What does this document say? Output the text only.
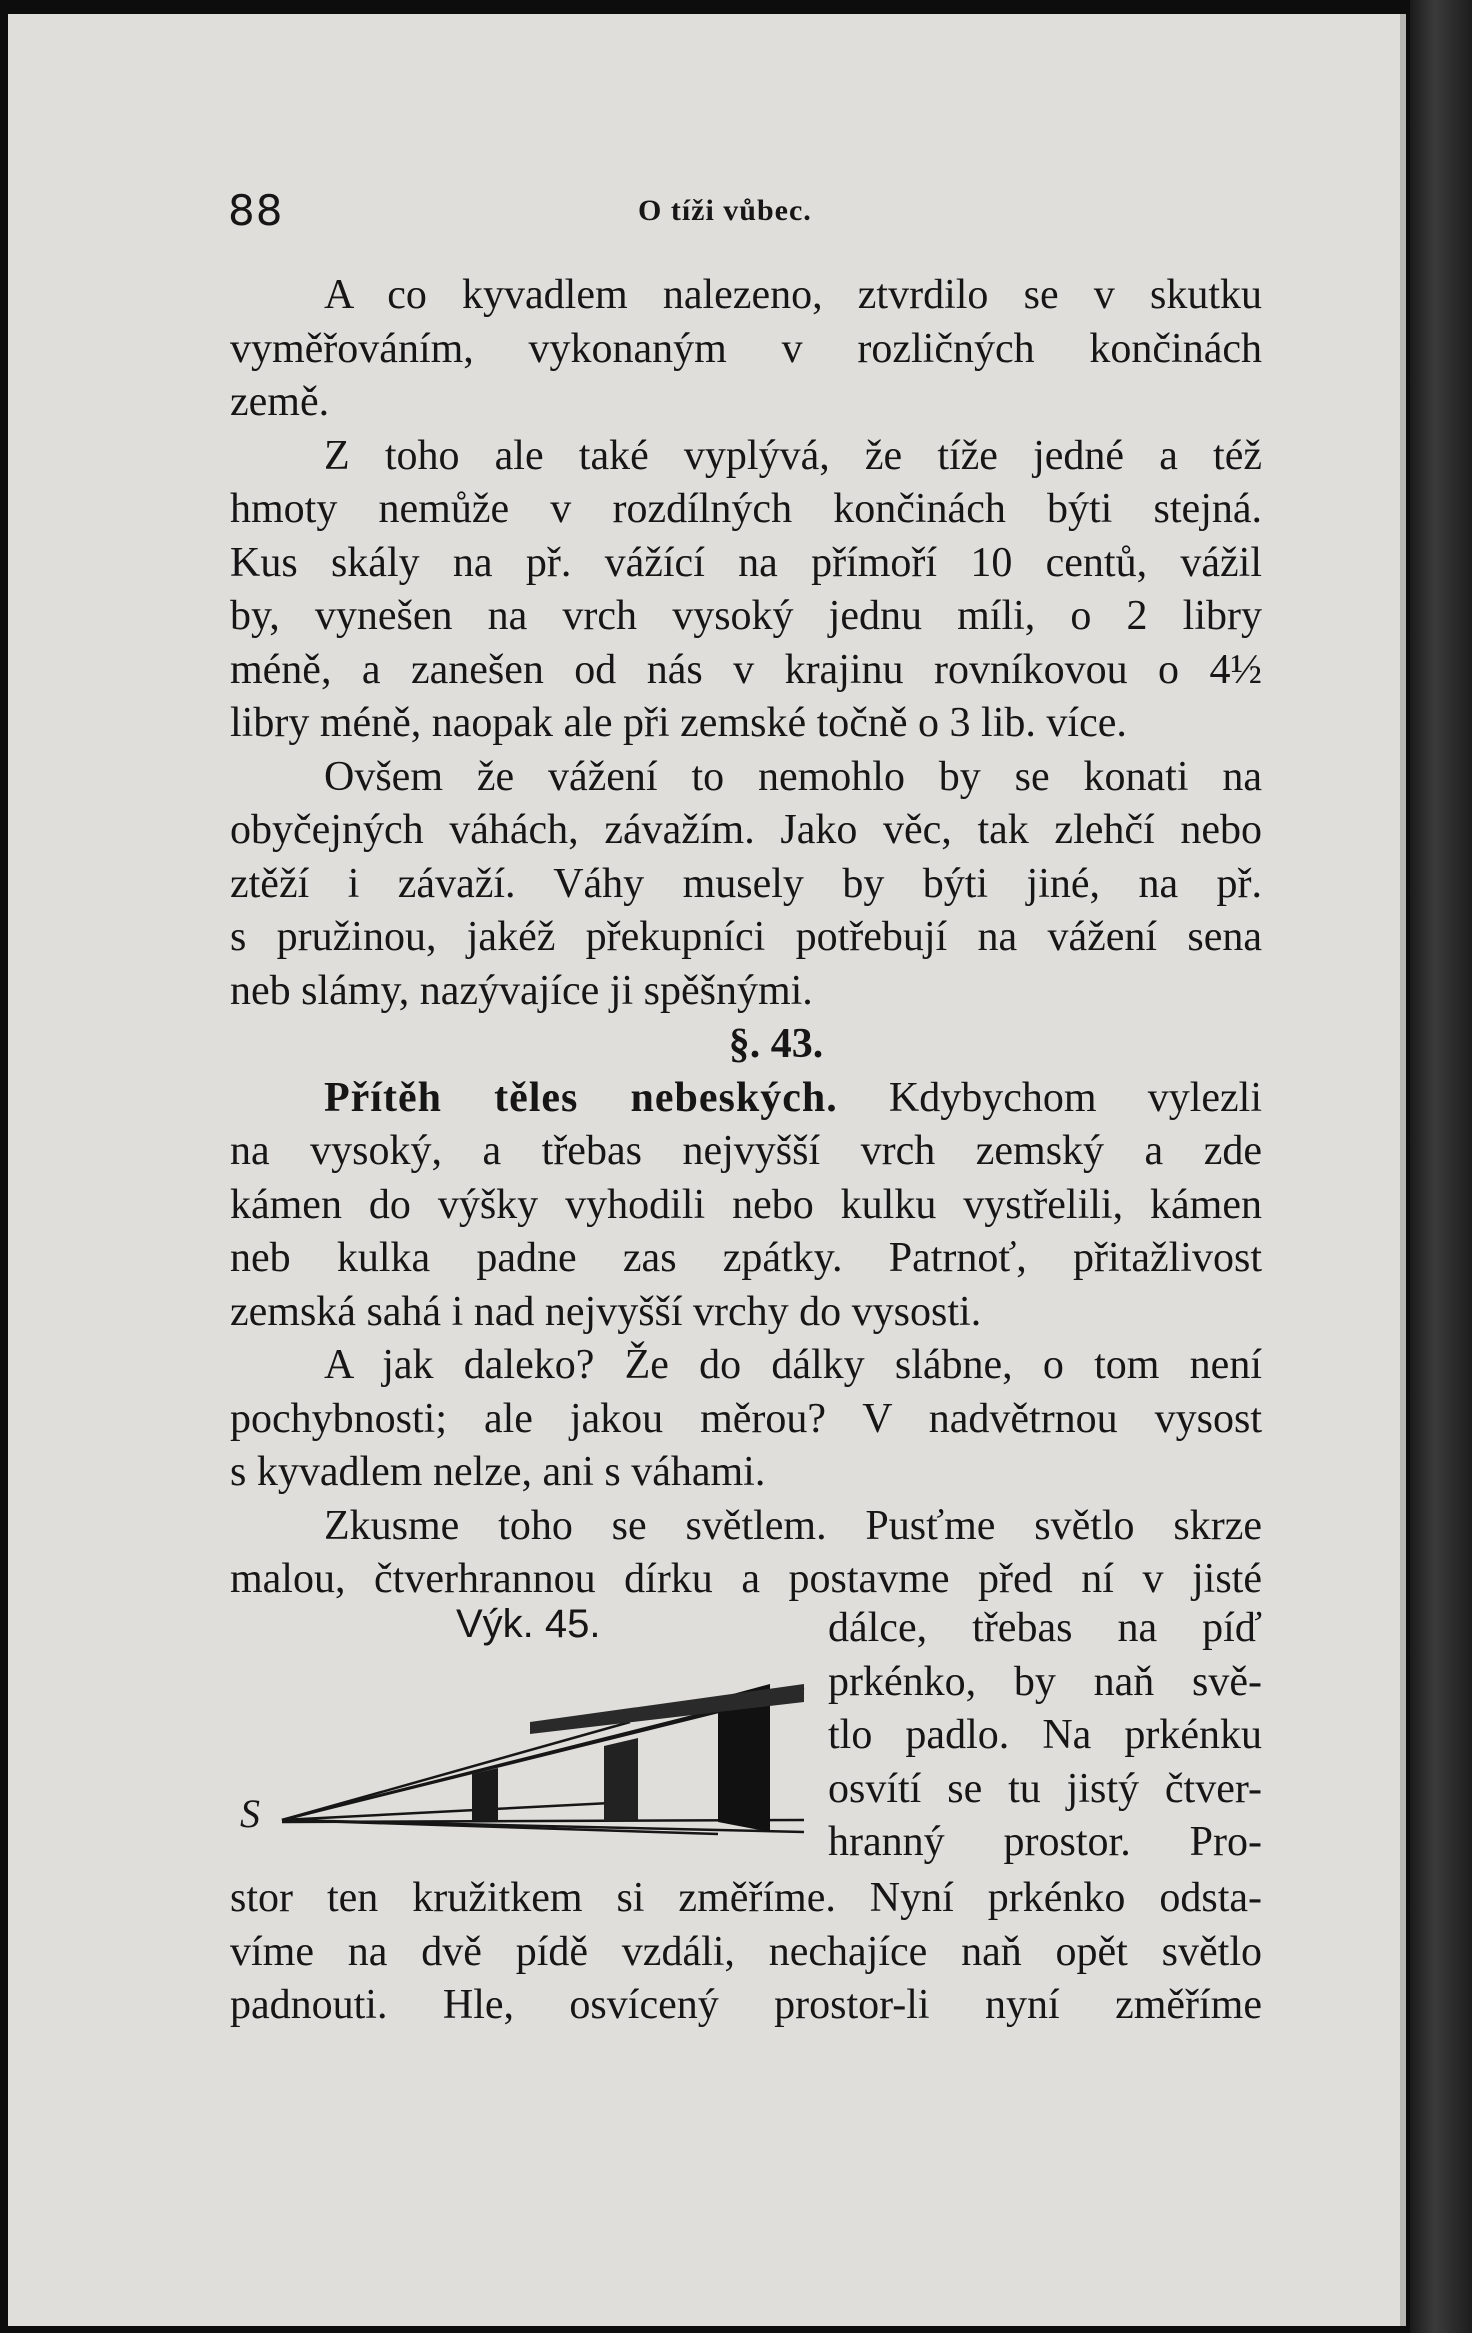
88	O tíži vůbec.
A co kyvadlem nalezeno, ztvrdilo se v skutku
vyměřováním, vykonaným v rozličných končinách
země.
Z toho ale také vyplývá, že tíže jedné a též
hmoty nemůže v rozdílných končinách býti stejná.
Kus skály na př. vážící na přímoří 10 centů, vážil
by, vynešen na vrch vysoký jednu míli, o 2 libry
méně, a zanešen od nás v krajinu rovníkovou o 4½
libry méně, naopak ale při zemské točně o 3 lib. více.
Ovšem že vážení to nemohlo by se konati na
obyčejných váhách, závažím. Jako věc, tak zlehčí nebo
ztěží i závaží. Váhy musely by býti jiné, na př.
s pružinou, jakéž překupníci potřebují na vážení sena
neb slámy, nazývajíce ji spěšnými.
§. 43.
Přítěh těles nebeských. Kdybychom vylezli
na vysoký, a třebas nejvyšší vrch zemský a zde
kámen do výšky vyhodili nebo kulku vystřelili, kámen
neb kulka padne zas zpátky. Patrnoť, přitažlivost
zemská sahá i nad nejvyšší vrchy do vysosti.
A jak daleko? Že do dálky slábne, o tom není
pochybnosti; ale jakou měrou? V nadvětrnou vysost
s kyvadlem nelze, ani s váhami.
Zkusme toho se světlem. Pusťme světlo skrze
malou, čtverhrannou dírku a postavme před ní v jisté
Výk. 45.
S
dálce, třebas na píď
prkénko, by naň svě-
tlo padlo. Na prkénku
osvítí se tu jistý čtver-
hranný prostor. Pro-
stor ten kružitkem si změříme. Nyní prkénko odsta-
víme na dvě pídě vzdáli, nechajíce naň opět světlo
padnouti. Hle, osvícený prostor-li nyní změříme
